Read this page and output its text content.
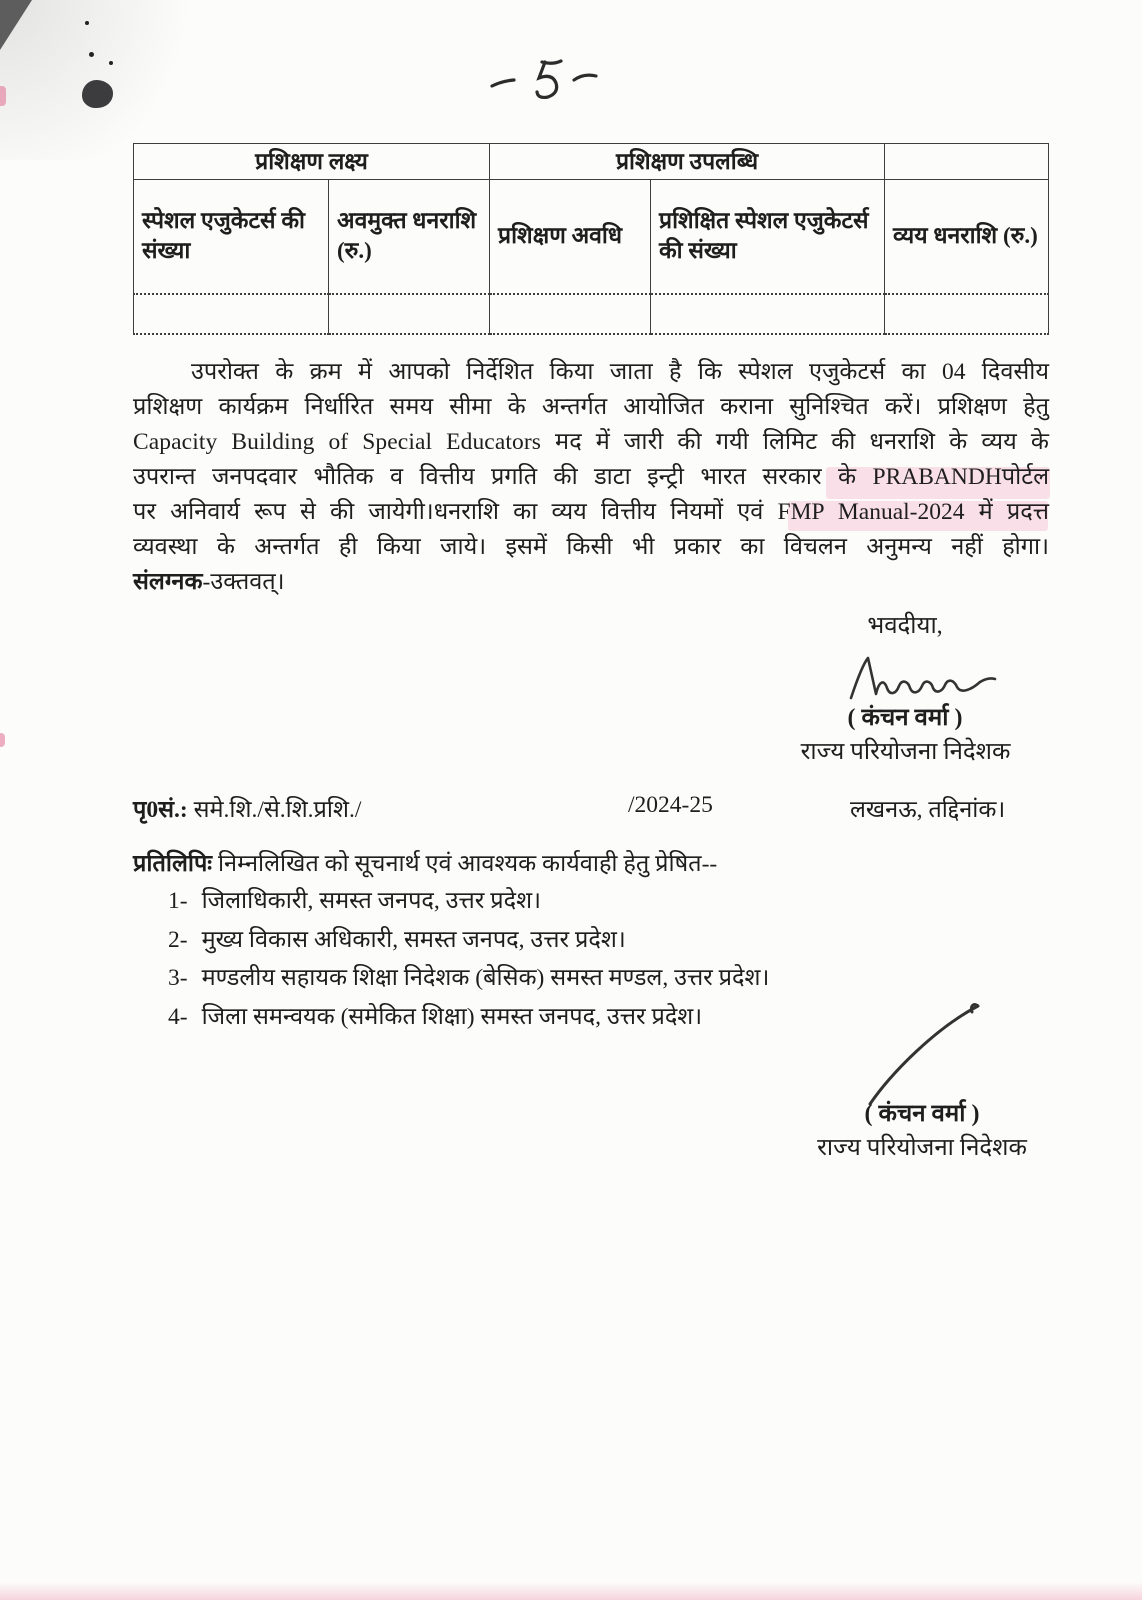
प्रशिक्षण लक्ष्य		प्रशिक्षण उपलब्धि		
स्पेशल एजुकेटर्स की संख्या	अवमुक्त धनराशि (रु.)	प्रशिक्षण अवधि	प्रशिक्षित स्पेशल एजुकेटर्स की संख्या	व्यय धनराशि (रु.)

उपरोक्त के क्रम में आपको निर्देशित किया जाता है कि स्पेशल एजुकेटर्स का 04 दिवसीय
प्रशिक्षण कार्यक्रम निर्धारित समय सीमा के अन्तर्गत आयोजित कराना सुनिश्चित करें। प्रशिक्षण हेतु
Capacity Building of Special Educators मद में जारी की गयी लिमिट की धनराशि के व्यय के
उपरान्त जनपदवार भौतिक व वित्तीय प्रगति की डाटा इन्ट्री भारत सरकार के PRABANDHपोर्टल
पर अनिवार्य रूप से की जायेगी।धनराशि का व्यय वित्तीय नियमों एवं FMP Manual-2024 में प्रदत्त
व्यवस्था के अन्तर्गत ही किया जाये। इसमें किसी भी प्रकार का विचलन अनुमन्य नहीं होगा।
संलग्नक-उक्तवत्।
भवदीया,
( कंचन वर्मा )
राज्य परियोजना निदेशक
पृ0सं.: समे.शि./से.शि.प्रशि./	/2024-25	लखनऊ, तद्दिनांक।
प्रतिलिपिः निम्नलिखित को सूचनार्थ एवं आवश्यक कार्यवाही हेतु प्रेषित--
1- जिलाधिकारी, समस्त जनपद, उत्तर प्रदेश।
2- मुख्य विकास अधिकारी, समस्त जनपद, उत्तर प्रदेश।
3- मण्डलीय सहायक शिक्षा निदेशक (बेसिक) समस्त मण्डल, उत्तर प्रदेश।
4- जिला समन्वयक (समेकित शिक्षा) समस्त जनपद, उत्तर प्रदेश।
( कंचन वर्मा )
राज्य परियोजना निदेशक
